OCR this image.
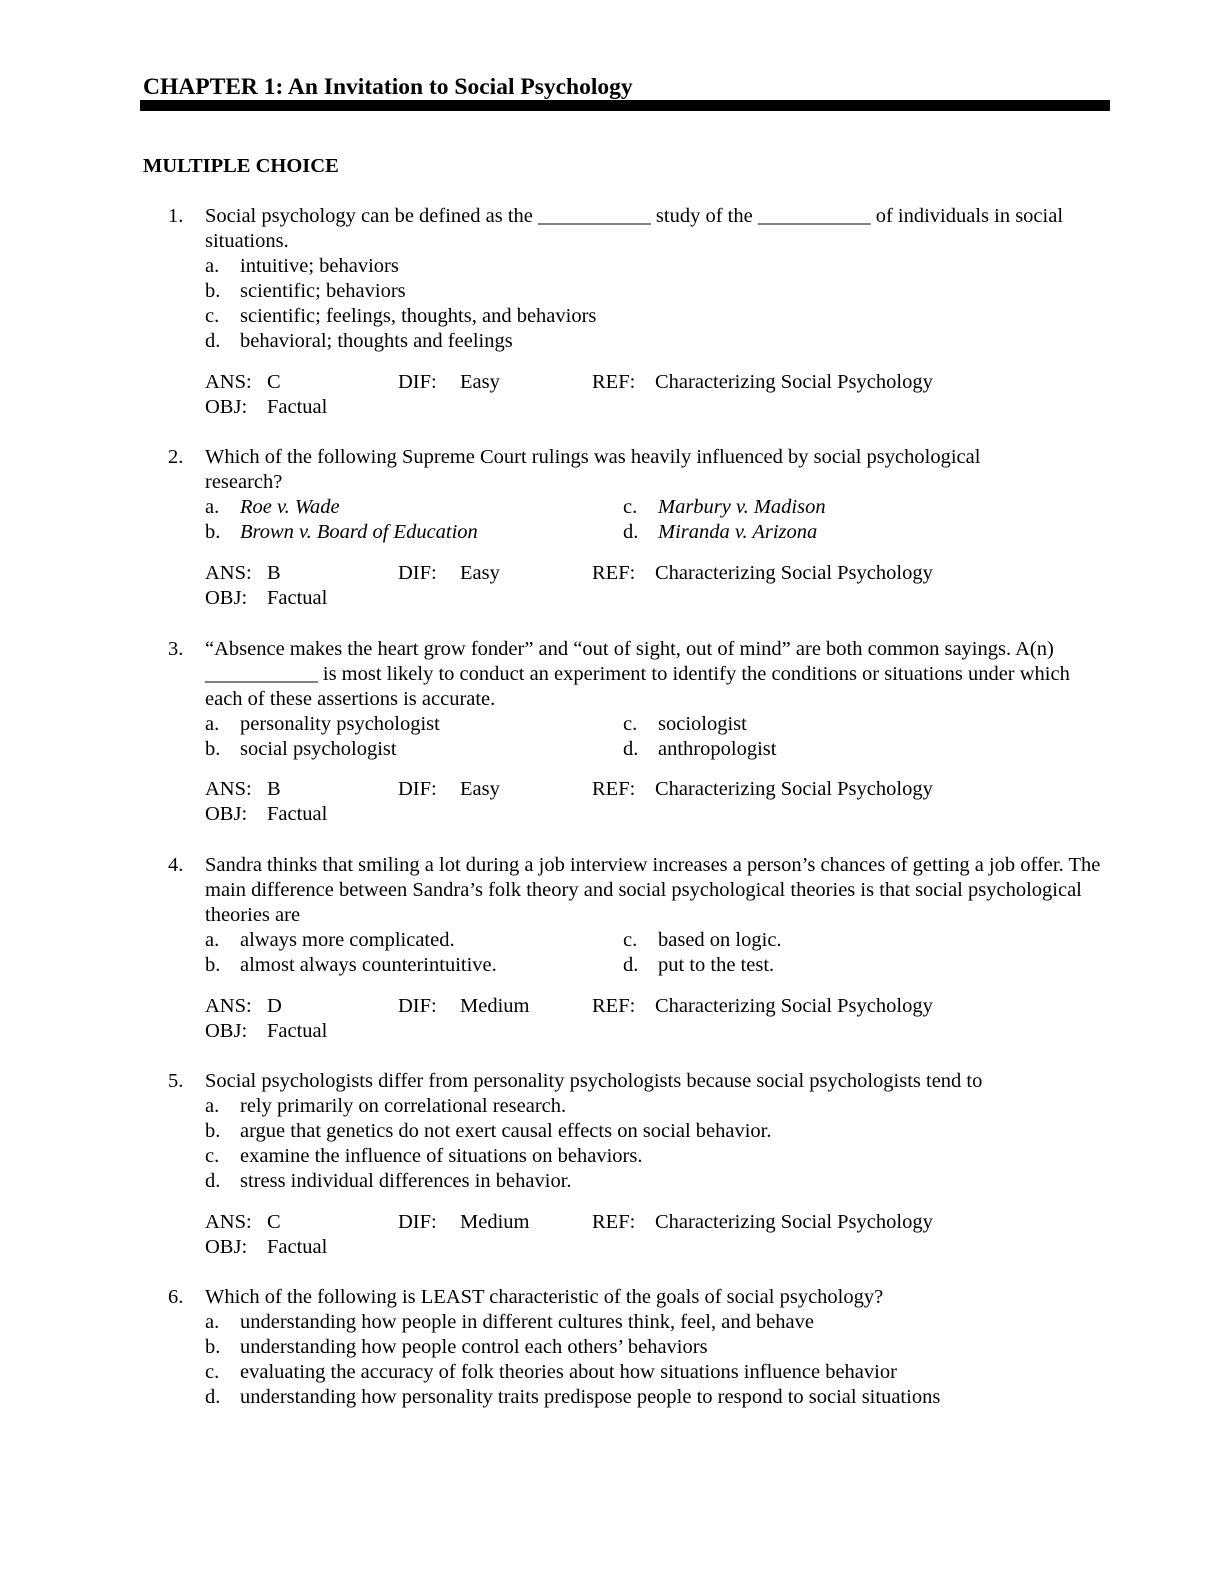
CHAPTER 1: An Invitation to Social Psychology
MULTIPLE CHOICE
1.	Social psychology can be defined as the ___________ study of the ___________ of individuals in social situations.
a. intuitive; behaviors
b. scientific; behaviors
c. scientific; feelings, thoughts, and behaviors
d. behavioral; thoughts and feelings
ANS: C	DIF: Easy	REF: Characterizing Social Psychology
OBJ: Factual
2.	Which of the following Supreme Court rulings was heavily influenced by social psychological research?
a. Roe v. Wade
b. Brown v. Board of Education
c. Marbury v. Madison
d. Miranda v. Arizona
ANS: B	DIF: Easy	REF: Characterizing Social Psychology
OBJ: Factual
3.	“Absence makes the heart grow fonder” and “out of sight, out of mind” are both common sayings. A(n) ___________ is most likely to conduct an experiment to identify the conditions or situations under which each of these assertions is accurate.
a. personality psychologist
b. social psychologist
c. sociologist
d. anthropologist
ANS: B	DIF: Easy	REF: Characterizing Social Psychology
OBJ: Factual
4.	Sandra thinks that smiling a lot during a job interview increases a person’s chances of getting a job offer. The main difference between Sandra’s folk theory and social psychological theories is that social psychological theories are
a. always more complicated.
b. almost always counterintuitive.
c. based on logic.
d. put to the test.
ANS: D	DIF: Medium	REF: Characterizing Social Psychology
OBJ: Factual
5.	Social psychologists differ from personality psychologists because social psychologists tend to
a. rely primarily on correlational research.
b. argue that genetics do not exert causal effects on social behavior.
c. examine the influence of situations on behaviors.
d. stress individual differences in behavior.
ANS: C	DIF: Medium	REF: Characterizing Social Psychology
OBJ: Factual
6.	Which of the following is LEAST characteristic of the goals of social psychology?
a. understanding how people in different cultures think, feel, and behave
b. understanding how people control each others’ behaviors
c. evaluating the accuracy of folk theories about how situations influence behavior
d. understanding how personality traits predispose people to respond to social situations
